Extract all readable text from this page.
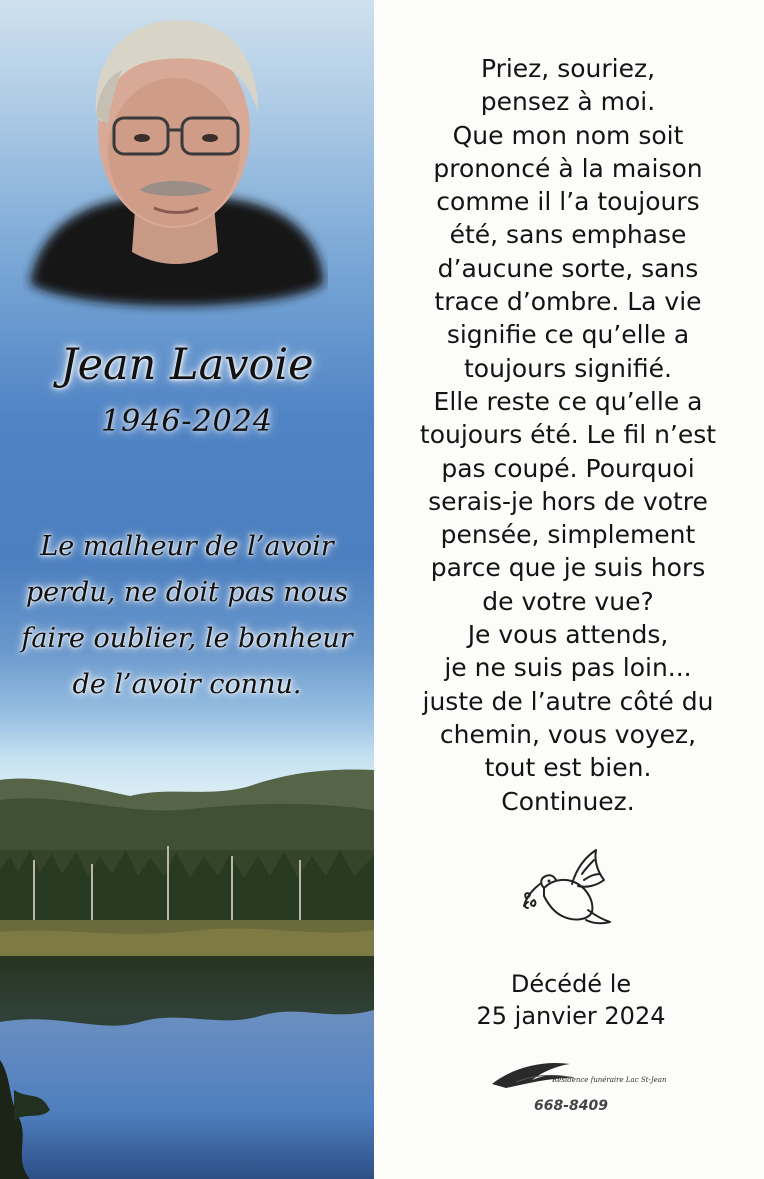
Jean Lavoie
1946-2024
Le malheur de l’avoir
perdu, ne doit pas nous
faire oublier, le bonheur
de l’avoir connu.
Priez, souriez,
pensez à moi.
Que mon nom soit
prononcé à la maison
comme il l’a toujours
été, sans emphase
d’aucune sorte, sans
trace d’ombre. La vie
signifie ce qu’elle a
toujours signifié.
Elle reste ce qu’elle a
toujours été. Le fil n’est
pas coupé. Pourquoi
serais-je hors de votre
pensée, simplement
parce que je suis hors
de votre vue?
Je vous attends,
je ne suis pas loin...
juste de l’autre côté du
chemin, vous voyez,
tout est bien.
Continuez.
Décédé le
25 janvier 2024
Résidence funéraire Lac St-Jean
668-8409
